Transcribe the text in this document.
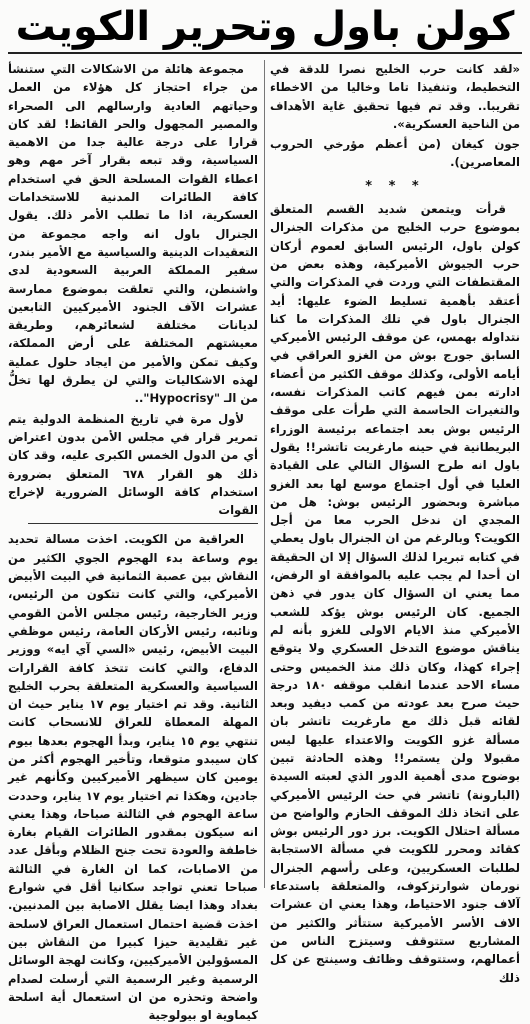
كولن باول وتحرير الكويت

«لقد كانت حرب الخليج نصرا للدقة في التخطيط، وتنفيذا تاما وخاليا من الاخطاء تقريبا.. وقد تم فيها تحقيق غاية الأهداف من الناحية العسكرية».

جون كيغان (من أعظم مؤرخي الحروب المعاصرين).

* * *

قرأت ويتمعن شديد القسم المتعلق بموضوع حرب الخليج من مذكرات الجنرال كولن باول، الرئيس السابق لعموم أركان حرب الجيوش الأميركية، وهذه بعض من المقتطفات التي وردت في المذكرات والتي أعتقد بأهمية تسليط الضوء عليها: أيد الجنرال باول في تلك المذكرات ما كنا نتداوله بهمس، عن موقف الرئيس الأميركي السابق جورج بوش من الغزو العراقي في أيامه الأولى، وكذلك موقف الكثير من أعضاء ادارته بمن فيهم كاتب المذكرات نفسه، والتغيرات الحاسمة التي طرأت على موقف الرئيس بوش بعد اجتماعه برئيسة الوزراء البريطانية في حينه مارغريت تاتشر!! يقول باول انه طرح السؤال التالي على القيادة العليا في أول اجتماع موسع لها بعد الغزو مباشرة وبحضور الرئيس بوش: هل من المجدي ان ندخل الحرب معا من أجل الكويت؟ وبالرغم من ان الجنرال باول يعطي في كتابه تبريرا لذلك السؤال إلا ان الحقيقة ان أحدا لم يجب عليه بالموافقة او الرفض، مما يعني ان السؤال كان يدور في ذهن الجميع. كان الرئيس بوش يؤكد للشعب الأميركي منذ الايام الاولى للغزو بأنه لم يناقش موضوع التدخل العسكري ولا يتوقع إجراء كهذا، وكان ذلك منذ الخميس وحتى مساء الاحد عندما انقلب موقفه ١٨٠ درجة حيث صرح بعد عودته من كمب ديفيد وبعد لقائه قبل ذلك مع مارغريت تاتشر بان مسألة غزو الكويت والاعتداء عليها ليس مقبولا ولن يستمر!! وهذه الحادثة تبين بوضوح مدى أهمية الدور الذي لعبته السيدة (البارونة) تاتشر في حث الرئيس الأميركي على اتخاذ ذلك الموقف الحازم والواضح من مسألة احتلال الكويت. برز دور الرئيس بوش كقائد ومحرر للكويت في مسألة الاستجابة لطلبات العسكريين، وعلى رأسهم الجنرال نورمان شوارتزكوف، والمتعلقة باستدعاء آلاف جنود الاحتياط، وهذا يعني ان عشرات الاف الأسر الأميركية ستتأثر والكثير من المشاريع ستتوقف وسيتزح الناس من أعمالهم، وستتوقف وظائف وسينتج عن كل ذلك

مجموعة هائلة من الاشكالات التي ستنشأ من جراء احتجاز كل هؤلاء من العمل وحياتهم العادية وارسالهم الى الصحراء والمصير المجهول والحر القائظ! لقد كان قرارا على درجة عالية جدا من الاهمية السياسية، وقد تبعه بقرار آخر مهم وهو اعطاء القوات المسلحة الحق في استخدام كافة الطائرات المدنية للاستخدامات العسكرية، اذا ما تطلب الأمر ذلك. يقول الجنرال باول انه واجه مجموعة من التعقيدات الدينية والسياسية مع الأمير بندر، سفير المملكة العربية السعودية لدى واشنطن، والتي تعلقت بموضوع ممارسة عشرات الآف الجنود الأميركيين التابعين لديانات مختلفة لشعائرهم، وطريقة معيشتهم المختلفة على أرض المملكة، وكيف تمكن والأمير من ايجاد حلول عملية لهذه الاشكاليات والتي لن يطرق لها تخلُّ من الـ "Hypocrisy"..

لأول مرة في تاريخ المنظمة الدولية يتم تمرير قرار في مجلس الأمن بدون اعتراض أي من الدول الخمس الكبرى عليه، وقد كان ذلك هو القرار ٦٧٨ المتعلق بضرورة استخدام كافة الوسائل الضرورية لإخراج القوات

العراقية من الكويت. اخذت مسالة تحديد يوم وساعة بدء الهجوم الجوي الكثير من النقاش بين عصبة الثمانية في البيت الأبيض الأميركي، والتي كانت تتكون من الرئيس، وزير الخارجية، رئيس مجلس الأمن القومي ونائبه، رئيس الأركان العامة، رئيس موظفي البيت الأبيض، رئيس «السي آي ايه» ووزير الدفاع، والتي كانت تتخذ كافة القرارات السياسية والعسكرية المتعلقة بحرب الخليج الثانية. وقد تم اختيار يوم ١٧ يناير حيث ان المهلة المعطاة للعراق للانسحاب كانت تنتهي يوم ١٥ يناير، وبدأ الهجوم بعدها بيوم كان سيبدو متوقعا، وتأخير الهجوم أكثر من يومين كان سيظهر الأميركيين وكأنهم غير جادين، وهكذا تم اختيار يوم ١٧ يناير، وحددت ساعة الهجوم في الثالثة صباحا، وهذا يعني انه سيكون بمقدور الطائرات القيام بغارة خاطفة والعودة تحت جنح الظلام وبأقل عدد من الاصابات، كما ان الغارة في الثالثة صباحا تعني تواجد سكانيا أقل في شوارع بغداد وهذا ايضا يقلل الاصابة بين المدنيين. اخذت قضية احتمال استعمال العراق لاسلحة غير تقليدية حيزا كبيرا من النقاش بين المسؤولين الأميركيين، وكانت لهجة الوسائل الرسمية وغير الرسمية التي أرسلت لصدام واضحة وتحذره من ان استعمال أية اسلحة كيماوية او بيولوجية
